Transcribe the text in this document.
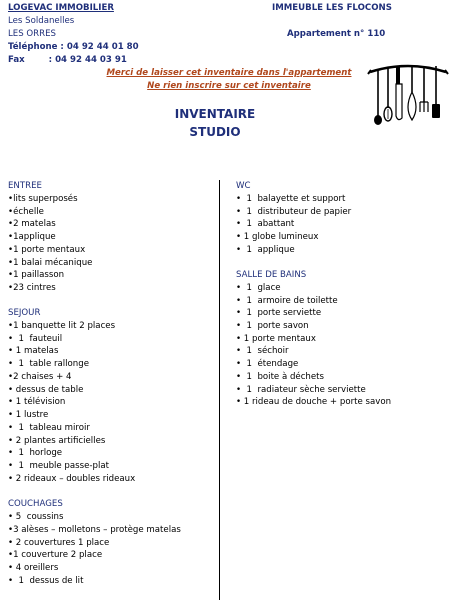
LOGEVAC IMMOBILIER
Les Soldanelles
LES ORRES
Téléphone : 04 92 44 01 80
Fax        : 04 92 44 03 91
IMMEUBLE LES FLOCONS
Appartement n° 110
Merci de laisser cet inventaire dans l'appartement
Ne rien inscrire sur cet inventaire
INVENTAIRE
STUDIO
ENTREE
•lits superposés
•échelle
•2 matelas
•1applique
•1 porte mentaux
•1 balai mécanique
•1 paillasson
•23 cintres
SEJOUR
•1 banquette lit 2 places
•  1  fauteuil
• 1 matelas
•  1  table rallonge
•2 chaises + 4
• dessus de table
• 1 télévision
• 1 lustre
•  1  tableau miroir
• 2 plantes artificielles
•  1  horloge
•  1  meuble passe-plat
• 2 rideaux – doubles rideaux
COUCHAGES
• 5  coussins
•3 alèses – molletons – protège matelas
• 2 couvertures 1 place
•1 couverture 2 place
• 4 oreillers
•  1  dessus de lit
WC
•  1  balayette et support
•  1  distributeur de papier
•  1  abattant
• 1 globe lumineux
•  1  applique
SALLE DE BAINS
•  1  glace
•  1  armoire de toilette
•  1  porte serviette
•  1  porte savon
• 1 porte mentaux
•  1  séchoir
•  1  étendage
•  1  boite à déchets
•  1  radiateur sèche serviette
• 1 rideau de douche + porte savon
